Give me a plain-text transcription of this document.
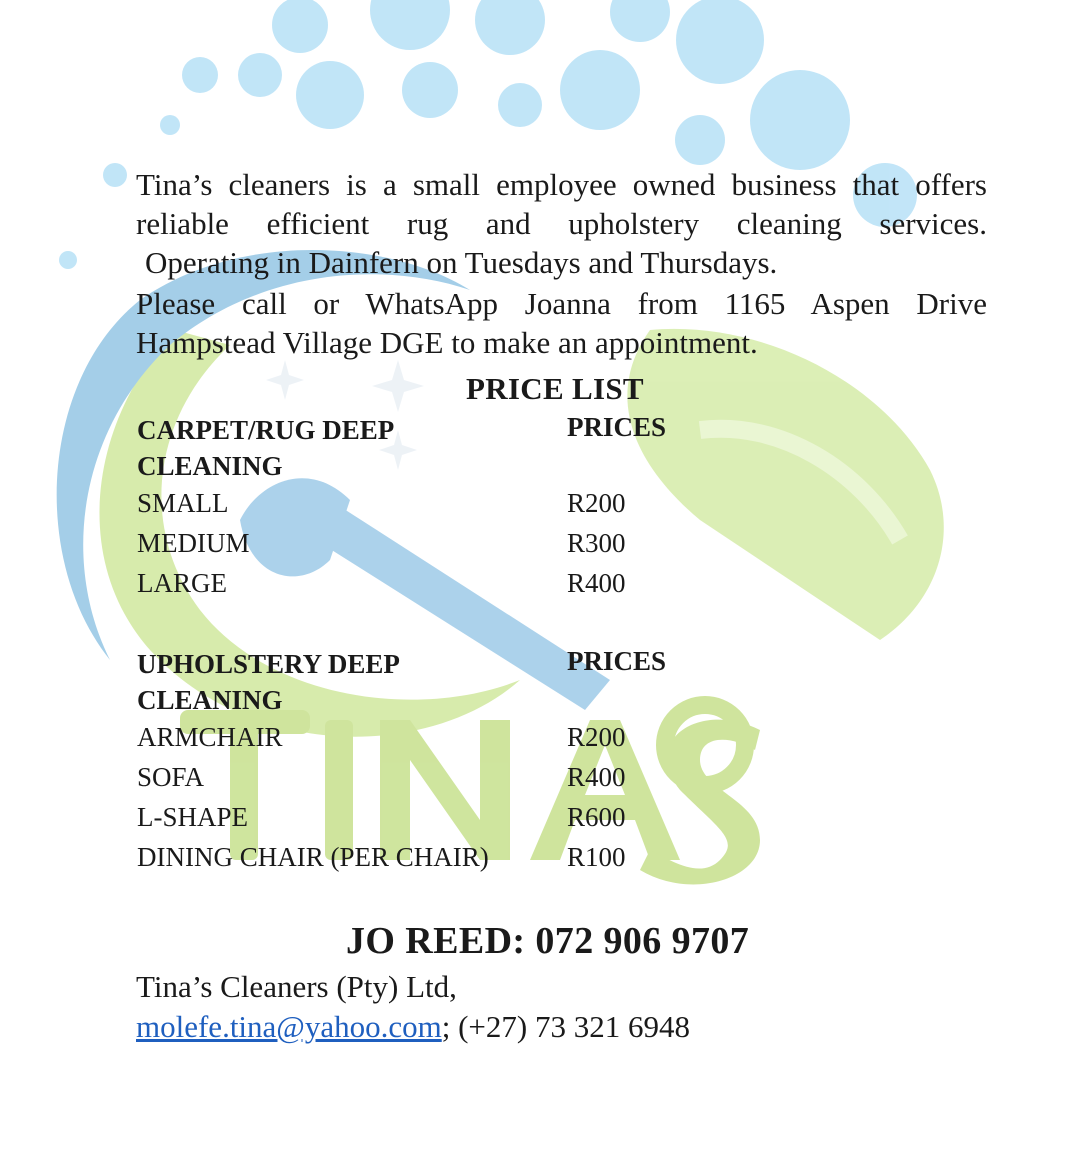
Tina’s cleaners is a small employee owned business that offers

reliable efficient rug and upholstery cleaning services.

Operating in Dainfern on Tuesdays and Thursdays.

Please call or WhatsApp Joanna from 1165 Aspen Drive

Hampstead Village DGE to make an appointment.

PRICE LIST
CARPET/RUG DEEP
CLEANING
PRICES
SMALL	R200
MEDIUM	R300
LARGE	R400
UPHOLSTERY DEEP
CLEANING
PRICES
ARMCHAIR	R200
SOFA	R400
L-SHAPE	R600
DINING CHAIR (PER CHAIR)	R100
JO REED: 072 906 9707
Tina’s Cleaners (Pty) Ltd,
molefe.tina@yahoo.com; (+27) 73 321 6948
